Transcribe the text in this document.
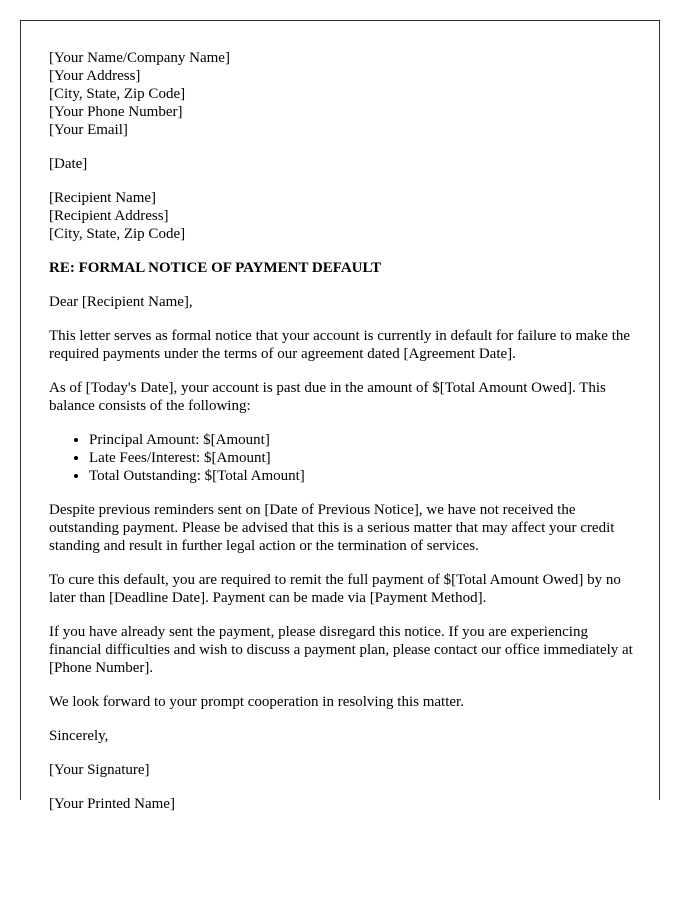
[Your Name/Company Name]
[Your Address]
[City, State, Zip Code]
[Your Phone Number]
[Your Email]
[Date]
[Recipient Name]
[Recipient Address]
[City, State, Zip Code]
RE: FORMAL NOTICE OF PAYMENT DEFAULT

Dear [Recipient Name],

This letter serves as formal notice that your account is currently in default for failure to make the required payments under the terms of our agreement dated [Agreement Date].

As of [Today's Date], your account is past due in the amount of $[Total Amount Owed]. This balance consists of the following:

• Principal Amount: $[Amount]
• Late Fees/Interest: $[Amount]
• Total Outstanding: $[Total Amount]

Despite previous reminders sent on [Date of Previous Notice], we have not received the outstanding payment. Please be advised that this is a serious matter that may affect your credit standing and result in further legal action or the termination of services.

To cure this default, you are required to remit the full payment of $[Total Amount Owed] by no later than [Deadline Date]. Payment can be made via [Payment Method].

If you have already sent the payment, please disregard this notice. If you are experiencing financial difficulties and wish to discuss a payment plan, please contact our office immediately at [Phone Number].

We look forward to your prompt cooperation in resolving this matter.

Sincerely,

[Your Signature]

[Your Printed Name]
